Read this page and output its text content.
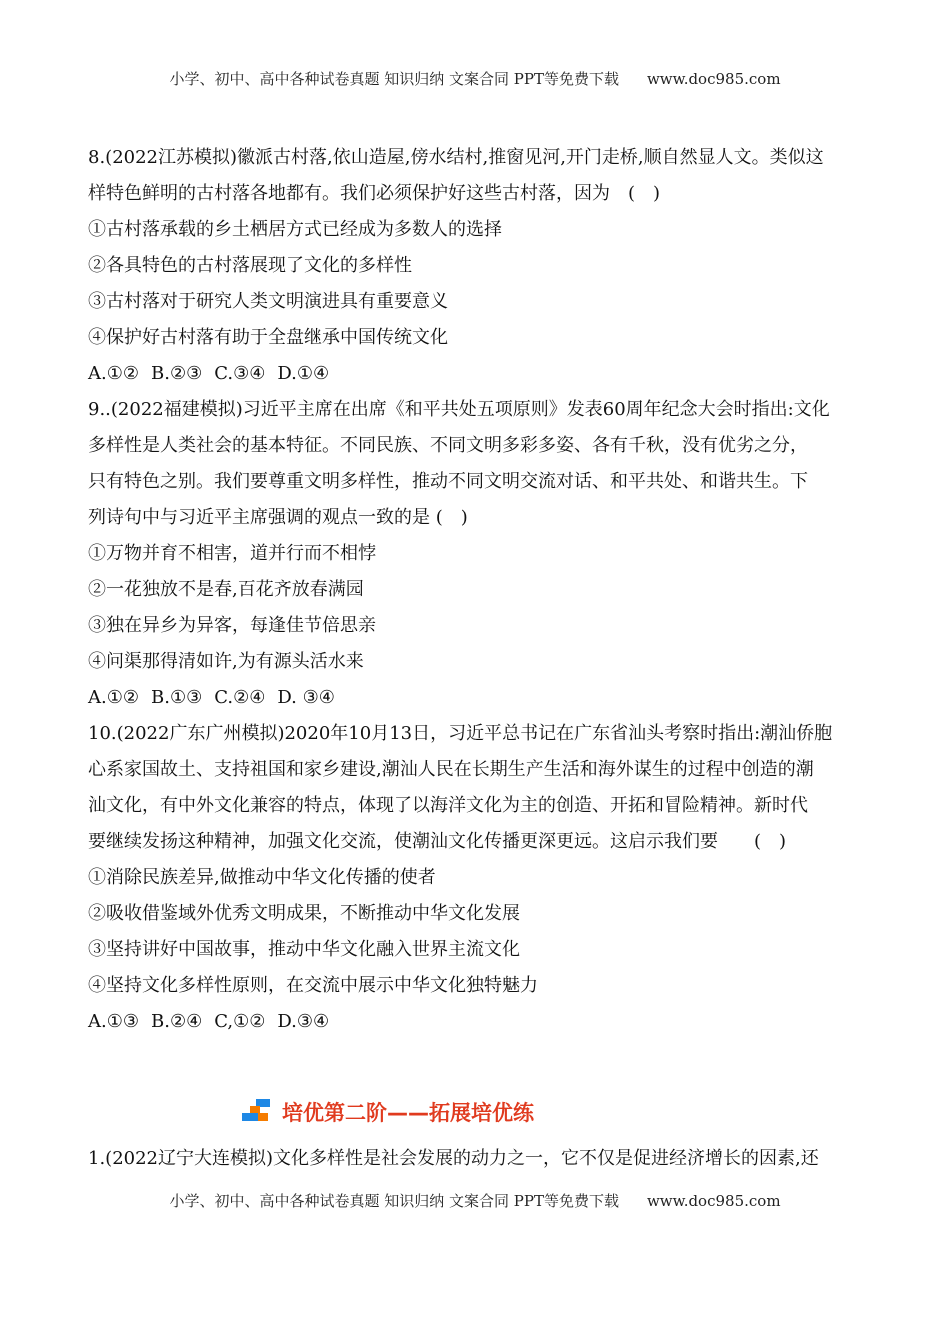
小学、初中、高中各种试卷真题 知识归纳 文案合同 PPT等免费下载 www.doc985.com
8.(2022江苏模拟)徽派古村落,依山造屋,傍水结村,推窗见河,开门走桥,顺自然显人文。类似这
样特色鲜明的古村落各地都有。我们必须保护好这些古村落，因为　(　)
①古村落承载的乡土栖居方式已经成为多数人的选择
②各具特色的古村落展现了文化的多样性
③古村落对于研究人类文明演进具有重要意义
④保护好古村落有助于全盘继承中国传统文化
A.①② B.②③ C.③④ D.①④
9..(2022福建模拟)习近平主席在出席《和平共处五项原则》发表60周年纪念大会时指出:文化
多样性是人类社会的基本特征。不同民族、不同文明多彩多姿、各有千秋，没有优劣之分，
只有特色之别。我们要尊重文明多样性，推动不同文明交流对话、和平共处、和谐共生。下
列诗句中与习近平主席强调的观点一致的是 (　)
①万物并育不相害，道并行而不相悖
②一花独放不是春,百花齐放春满园
③独在异乡为异客，每逢佳节倍思亲
④问渠那得清如许,为有源头活水来
A.①② B.①③ C.②④ D. ③④
10.(2022广东广州模拟)2020年10月13日，习近平总书记在广东省汕头考察时指出:潮汕侨胞
心系家国故土、支持祖国和家乡建设,潮汕人民在长期生产生活和海外谋生的过程中创造的潮
汕文化，有中外文化兼容的特点，体现了以海洋文化为主的创造、开拓和冒险精神。新时代
要继续发扬这种精神，加强文化交流，使潮汕文化传播更深更远。这启示我们要　　(　)
①消除民族差异,做推动中华文化传播的使者
②吸收借鉴域外优秀文明成果，不断推动中华文化发展
③坚持讲好中国故事，推动中华文化融入世界主流文化
④坚持文化多样性原则，在交流中展示中华文化独特魅力
A.①③ B.②④ C,①② D.③④
培优第二阶——拓展培优练
1.(2022辽宁大连模拟)文化多样性是社会发展的动力之一，它不仅是促进经济增长的因素,还
小学、初中、高中各种试卷真题 知识归纳 文案合同 PPT等免费下载 www.doc985.com
